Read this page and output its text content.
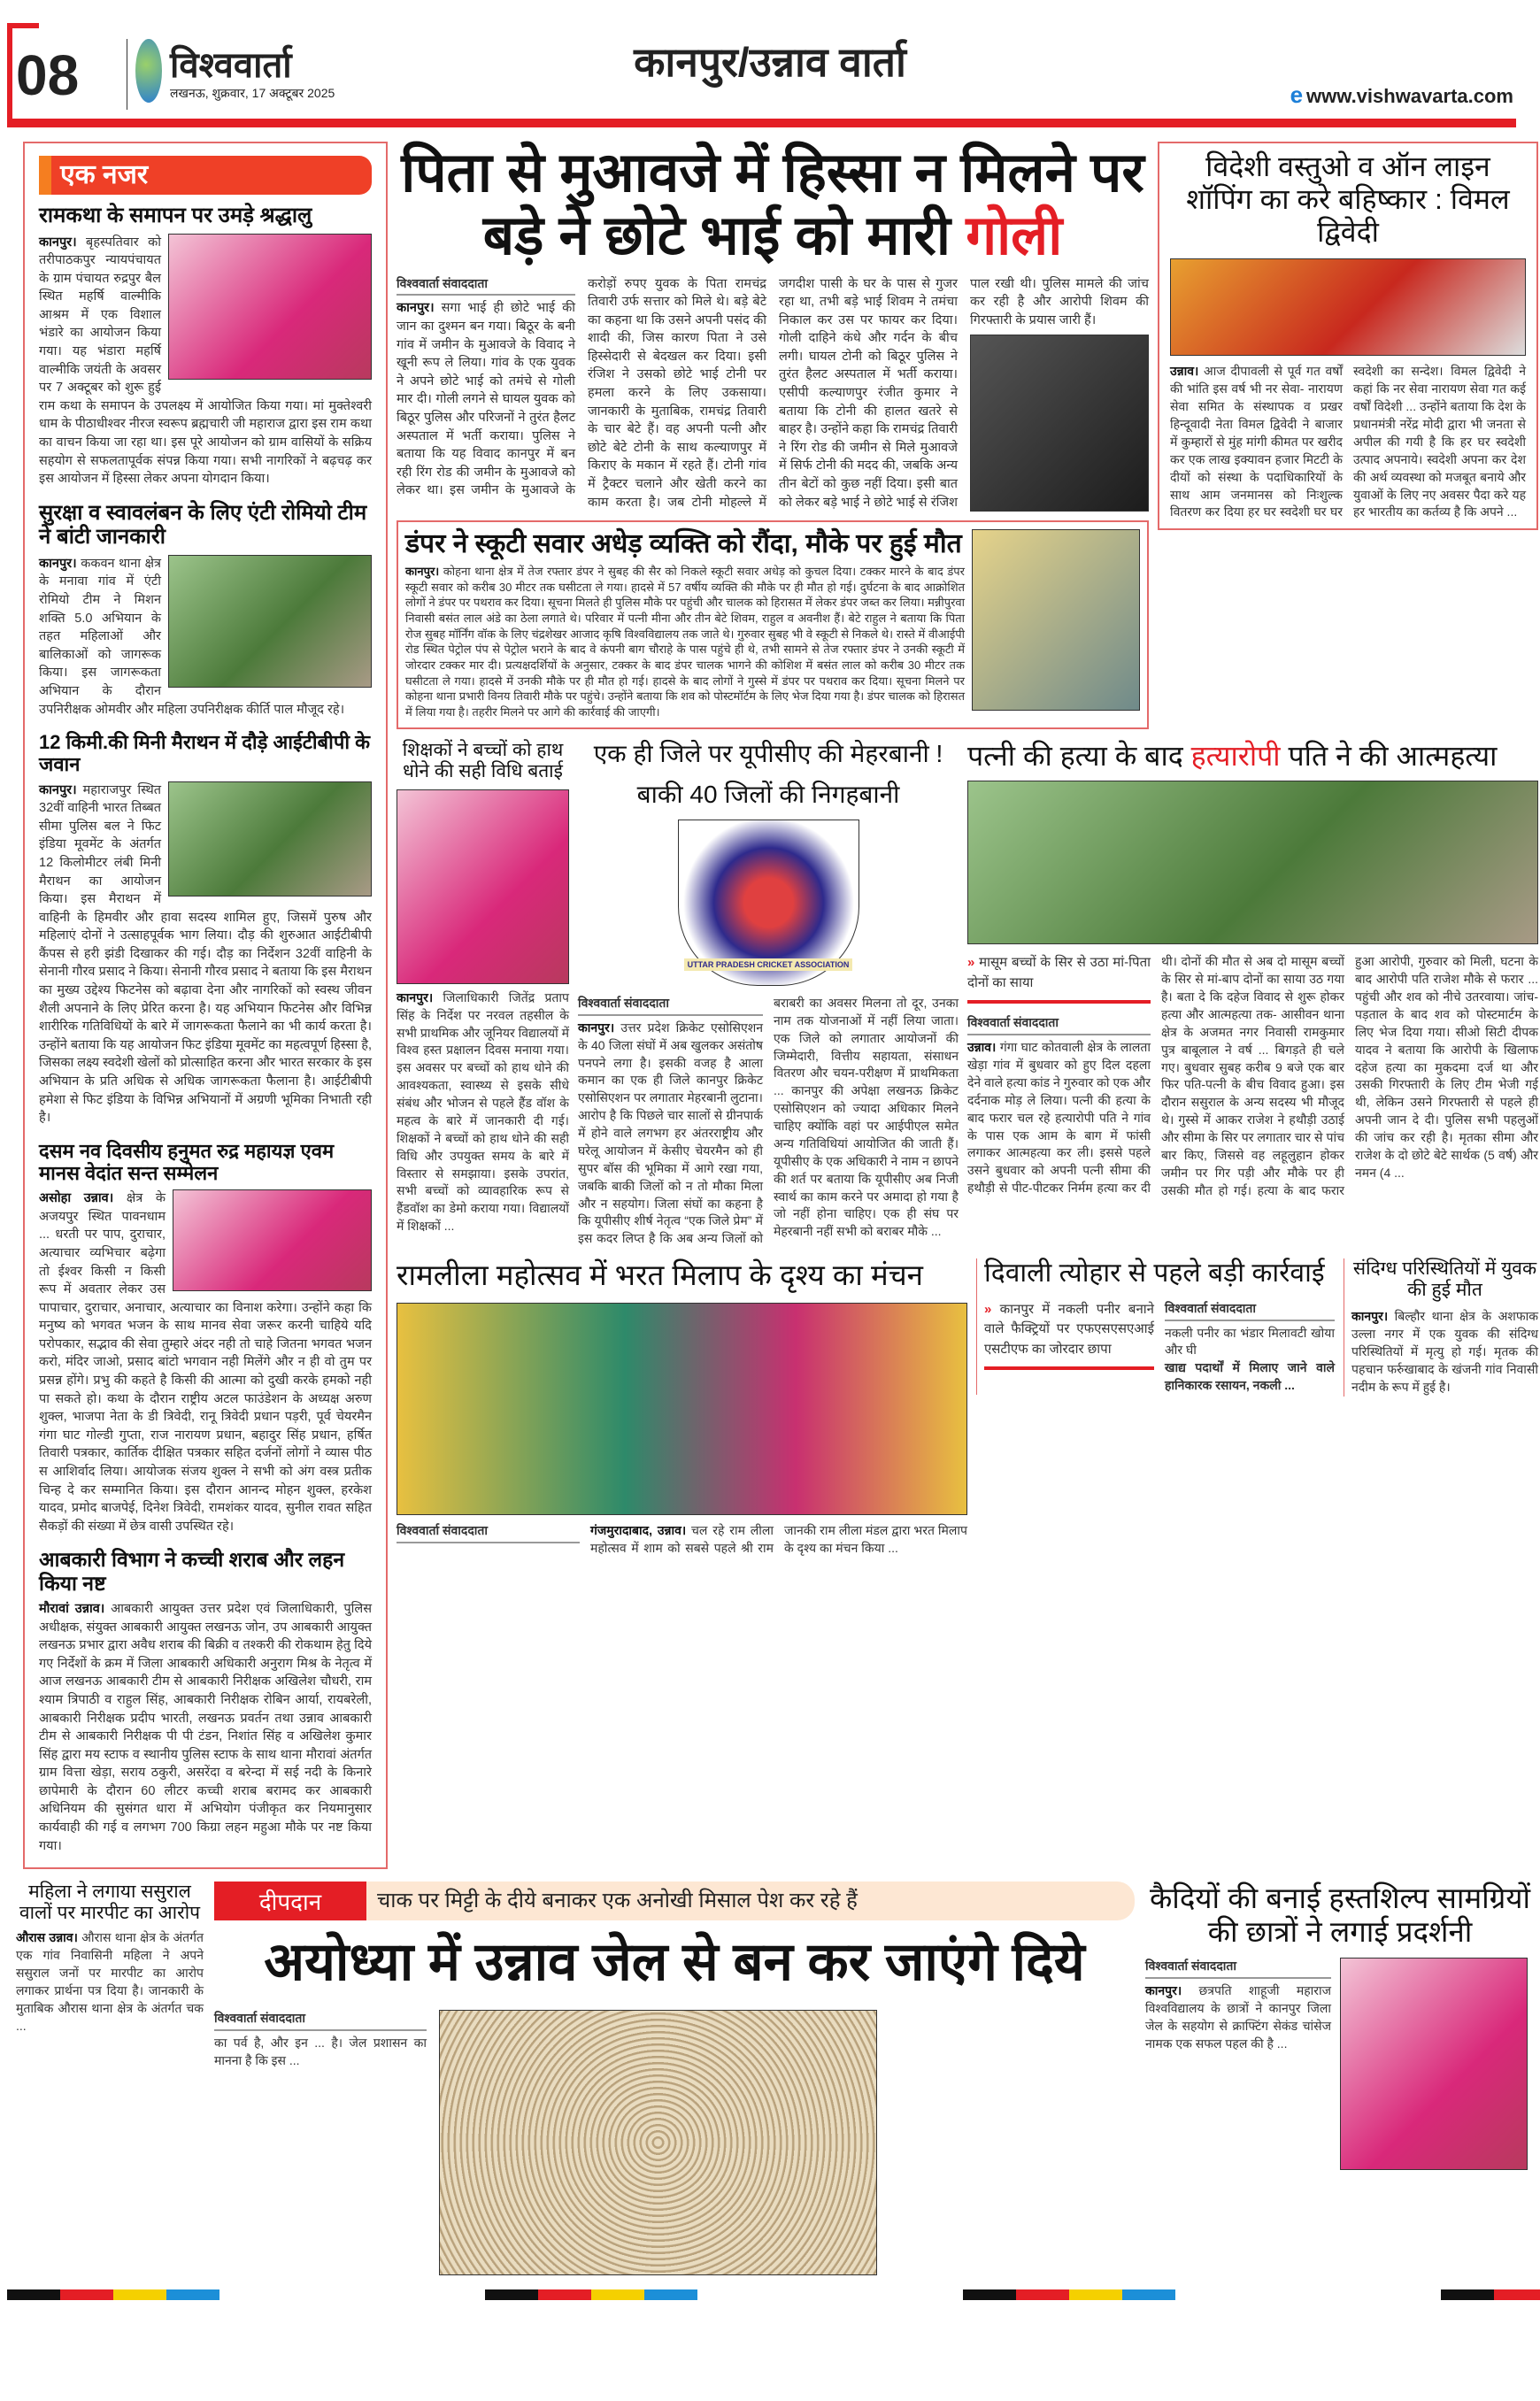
08	विश्ववार्ता
लखनऊ, शुक्रवार, 17 अक्टूबर 2025
कानपुर/उन्नाव वार्ता
e www.vishwavarta.com
एक नजर
रामकथा के समापन पर उमड़े श्रद्धालु
कानपुर। बृहस्पतिवार को तरीपाठकपुर न्यायपंचायत के ग्राम पंचायत रुद्रपुर बैल स्थित महर्षि वाल्मीकि आश्रम में एक विशाल भंडारे का आयोजन किया गया। यह भंडारा महर्षि वाल्मीकि जयंती के अवसर पर 7 अक्टूबर को शुरू हुई राम कथा के समापन के उपलक्ष्य में आयोजित किया गया। मां मुक्तेश्वरी धाम के पीठाधीश्वर नीरज स्वरूप ब्रह्मचारी जी महाराज द्वारा इस राम कथा का वाचन किया जा रहा था। इस पूरे आयोजन को ग्राम वासियों के सक्रिय सहयोग से सफलतापूर्वक संपन्न किया गया। सभी नागरिकों ने बढ़चढ़ कर इस आयोजन में हिस्सा लेकर अपना योगदान किया।
सुरक्षा व स्वावलंबन के लिए एंटी रोमियो टीम ने बांटी जानकारी
कानपुर। ककवन थाना क्षेत्र के मनावा गांव में एंटी रोमियो टीम ने मिशन शक्ति 5.0 अभियान के तहत महिलाओं और बालिकाओं को जागरूक किया। इस जागरूकता अभियान के दौरान उपनिरीक्षक ओमवीर और महिला उपनिरीक्षक कीर्ति पाल मौजूद रहे।
12 किमी.की मिनी मैराथन में दौड़े आईटीबीपी के जवान
कानपुर। महाराजपुर स्थित 32वीं वाहिनी भारत तिब्बत सीमा पुलिस बल ने फिट इंडिया मूवमेंट के अंतर्गत 12 किलोमीटर लंबी मिनी मैराथन का आयोजन किया। इस मैराथन में वाहिनी के हिमवीर और हावा सदस्य शामिल हुए, जिसमें पुरुष और महिलाएं दोनों ने उत्साहपूर्वक भाग लिया। दौड़ की शुरुआत आईटीबीपी कैंपस से हरी झंडी दिखाकर की गई। दौड़ का निर्देशन 32वीं वाहिनी के सेनानी गौरव प्रसाद ने किया। सेनानी गौरव प्रसाद ने बताया कि इस मैराथन का मुख्य उद्देश्य फिटनेस को बढ़ावा देना और नागरिकों को स्वस्थ जीवन शैली अपनाने के लिए प्रेरित करना है। यह अभियान फिटनेस और विभिन्न शारीरिक गतिविधियों के बारे में जागरूकता फैलाने का भी कार्य करता है। उन्होंने बताया कि यह आयोजन फिट इंडिया मूवमेंट का महत्वपूर्ण हिस्सा है, जिसका लक्ष्य स्वदेशी खेलों को प्रोत्साहित करना और भारत सरकार के इस अभियान के प्रति अधिक से अधिक जागरूकता फैलाना है। आईटीबीपी हमेशा से फिट इंडिया के विभिन्न अभियानों में अग्रणी भूमिका निभाती रही है।
दसम नव दिवसीय हनुमत रुद्र महायज्ञ एवम मानस वेदांत सन्त सम्मेलन
असोहा उन्नाव। क्षेत्र के अजयपुर स्थित पावनधाम ... धरती पर पाप, दुराचार, अत्याचार व्यभिचार बढ़ेगा तो ईश्वर किसी न किसी रूप में अवतार लेकर उस पापाचार, दुराचार, अनाचार, अत्याचार का विनाश करेगा। उन्होंने कहा कि मनुष्य को भगवत भजन के साथ मानव सेवा जरूर करनी चाहिये यदि परोपकार, सद्भाव की सेवा तुम्हारे अंदर नही तो चाहे जितना भगवत भजन करो, मंदिर जाओ, प्रसाद बांटो भगवान नही मिलेंगे और न ही वो तुम पर प्रसन्न होंगे। प्रभु की कहते है किसी की आत्मा को दुखी करके हमको नही पा सकते हो। कथा के दौरान राष्ट्रीय अटल फाउंडेशन के अध्यक्ष अरुण शुक्ल, भाजपा नेता के डी त्रिवेदी, रानू त्रिवेदी प्रधान पड़री, पूर्व चेयरमैन गंगा घाट गोल्डी गुप्ता, राज नारायण प्रधान, बहादुर सिंह प्रधान, हर्षित तिवारी पत्रकार, कार्तिक दीक्षित पत्रकार सहित दर्जनों लोगों ने व्यास पीठ स आशिर्वाद लिया। आयोजक संजय शुक्ल ने सभी को अंग वस्त्र प्रतीक चिन्ह दे कर सम्मानित किया। इस दौरान आनन्द मोहन शुक्ल, हरकेश यादव, प्रमोद बाजपेई, दिनेश त्रिवेदी, रामशंकर यादव, सुनील रावत सहित सैकड़ों की संख्या में छेत्र वासी उपस्थित रहे।
आबकारी विभाग ने कच्ची शराब और लहन किया नष्ट
मौरावां उन्नाव। आबकारी आयुक्त उत्तर प्रदेश एवं जिलाधिकारी, पुलिस अधीक्षक, संयुक्त आबकारी आयुक्त लखनऊ जोन, उप आबकारी आयुक्त लखनऊ प्रभार द्वारा अवैध शराब की बिक्री व तश्करी की रोकथाम हेतु दिये गए निर्देशों के क्रम में जिला आबकारी अधिकारी अनुराग मिश्र के नेतृत्व में आज लखनऊ आबकारी टीम से आबकारी निरीक्षक अखिलेश चौधरी, राम श्याम त्रिपाठी व राहुल सिंह, आबकारी निरीक्षक रोबिन आर्या, रायबरेली, आबकारी निरीक्षक प्रदीप भारती, लखनऊ प्रवर्तन तथा उन्नाव आबकारी टीम से आबकारी निरीक्षक पी पी टंडन, निशांत सिंह व अखिलेश कुमार सिंह द्वारा मय स्टाफ व स्थानीय पुलिस स्टाफ के साथ थाना मौरावां अंतर्गत ग्राम वित्ता खेड़ा, सराय ठकुरी, असरेंदा व बरेन्दा में सई नदी के किनारे छापेमारी के दौरान 60 लीटर कच्ची शराब बरामद कर आबकारी अधिनियम की सुसंगत धारा में अभियोग पंजीकृत कर नियमानुसार कार्यवाही की गई व लगभग 700 किग्रा लहन महुआ मौके पर नष्ट किया गया।
पिता से मुआवजे में हिस्सा न मिलने पर बड़े ने छोटे भाई को मारी गोली
विश्ववार्ता संवाददाता
कानपुर। सगा भाई ही छोटे भाई की जान का दुश्मन बन गया। बिठूर के बनी गांव में जमीन के मुआवजे के विवाद ने खूनी रूप ले लिया। गांव के एक युवक ने अपने छोटे भाई को तमंचे से गोली मार दी। गोली लगने से घायल युवक को बिठूर पुलिस और परिजनों ने तुरंत हैलट अस्पताल में भर्ती कराया। पुलिस ने बताया कि यह विवाद कानपुर में बन रही रिंग रोड की जमीन के मुआवजे को लेकर था। इस जमीन के मुआवजे के करोड़ों रुपए युवक के पिता रामचंद्र तिवारी उर्फ सत्तार को मिले थे। बड़े बेटे का कहना था कि उसने अपनी पसंद की शादी की, जिस कारण पिता ने उसे हिस्सेदारी से बेदखल कर दिया। इसी रंजिश ने उसको छोटे भाई टोनी पर हमला करने के लिए उकसाया। जानकारी के मुताबिक, रामचंद्र तिवारी के चार बेटे हैं। वह अपनी पत्नी और छोटे बेटे टोनी के साथ कल्याणपुर में किराए के मकान में रहते हैं। टोनी गांव में ट्रैक्टर चलाने और खेती करने का काम करता है। जब टोनी मोहल्ले में जगदीश पासी के घर के पास से गुजर रहा था, तभी बड़े भाई शिवम ने तमंचा निकाल कर उस पर फायर कर दिया। गोली दाहिने कंधे और गर्दन के बीच लगी। घायल टोनी को बिठूर पुलिस ने तुरंत हैलट अस्पताल में भर्ती कराया। एसीपी कल्याणपुर रंजीत कुमार ने बताया कि टोनी की हालत खतरे से बाहर है। उन्होंने कहा कि रामचंद्र तिवारी ने रिंग रोड की जमीन से मिले मुआवजे में सिर्फ टोनी की मदद की, जबकि अन्य तीन बेटों को कुछ नहीं दिया। इसी बात को लेकर बड़े भाई ने छोटे भाई से रंजिश पाल रखी थी। पुलिस मामले की जांच कर रही है और आरोपी शिवम की गिरफ्तारी के प्रयास जारी हैं।
डंपर ने स्कूटी सवार अधेड़ व्यक्ति को रौंदा, मौके पर हुई मौत
कानपुर। कोहना थाना क्षेत्र में तेज रफ्तार डंपर ने सुबह की सैर को निकले स्कूटी सवार अधेड़ को कुचल दिया। टक्कर मारने के बाद डंपर स्कूटी सवार को करीब 30 मीटर तक घसीटता ले गया। हादसे में 57 वर्षीय व्यक्ति की मौके पर ही मौत हो गई। दुर्घटना के बाद आक्रोशित लोगों ने डंपर पर पथराव कर दिया। सूचना मिलते ही पुलिस मौके पर पहुंची और चालक को हिरासत में लेकर डंपर जब्त कर लिया। मन्नीपुरवा निवासी बसंत लाल अंडे का ठेला लगाते थे। परिवार में पत्नी मीना और तीन बेटे शिवम, राहुल व अवनीश हैं। बेटे राहुल ने बताया कि पिता रोज सुबह मॉर्निंग वॉक के लिए चंद्रशेखर आजाद कृषि विश्वविद्यालय तक जाते थे। गुरुवार सुबह भी वे स्कूटी से निकले थे। रास्ते में वीआईपी रोड स्थित पेट्रोल पंप से पेट्रोल भराने के बाद वे कंपनी बाग चौराहे के पास पहुंचे ही थे, तभी सामने से तेज रफ्तार डंपर ने उनकी स्कूटी में जोरदार टक्कर मार दी। प्रत्यक्षदर्शियों के अनुसार, टक्कर के बाद डंपर चालक भागने की कोशिश में बसंत लाल को करीब 30 मीटर तक घसीटता ले गया। हादसे में उनकी मौके पर ही मौत हो गई। हादसे के बाद लोगों ने गुस्से में डंपर पर पथराव कर दिया। सूचना मिलने पर कोहना थाना प्रभारी विनय तिवारी मौके पर पहुंचे। उन्होंने बताया कि शव को पोस्टमॉर्टम के लिए भेज दिया गया है। डंपर चालक को हिरासत में लिया गया है। तहरीर मिलने पर आगे की कार्रवाई की जाएगी।
विदेशी वस्तुओ व ऑन लाइन शॉपिंग का करे बहिष्कार : विमल द्विवेदी
उन्नाव। आज दीपावली से पूर्व गत वर्षों की भांति इस वर्ष भी नर सेवा- नारायण सेवा समित के संस्थापक व प्रखर हिन्दूवादी नेता विमल द्विवेदी ने बाजार में कुम्हारों से मुंह मांगी कीमत पर खरीद कर एक लाख इक्यावन हजार मिटटी के दीयों को संस्था के पदाधिकारियों के साथ आम जनमानस को निःशुल्क वितरण कर दिया हर घर स्वदेशी घर घर स्वदेशी का सन्देश। विमल द्विवेदी ने कहां कि नर सेवा नारायण सेवा गत कई वर्षों विदेशी ... उन्होंने बताया कि देश के प्रधानमंत्री नरेंद्र मोदी द्वारा भी जनता से अपील की गयी है कि हर घर स्वदेशी उत्पाद अपनाये। स्वदेशी अपना कर देश की अर्थ व्यवस्था को मजबूत बनाये और युवाओं के लिए नए अवसर पैदा करे यह हर भारतीय का कर्तव्य है कि अपने ...
शिक्षकों ने बच्चों को हाथ धोने की सही विधि बताई
कानपुर। जिलाधिकारी जितेंद्र प्रताप सिंह के निर्देश पर नरवल तहसील के सभी प्राथमिक और जूनियर विद्यालयों में विश्व हस्त प्रक्षालन दिवस मनाया गया। इस अवसर पर बच्चों को हाथ धोने की आवश्यकता, स्वास्थ्य से इसके सीधे संबंध और भोजन से पहले हैंड वॉश के महत्व के बारे में जानकारी दी गई। शिक्षकों ने बच्चों को हाथ धोने की सही विधि और उपयुक्त समय के बारे में विस्तार से समझाया। इसके उपरांत, सभी बच्चों को व्यावहारिक रूप से हैंडवॉश का डेमो कराया गया। विद्यालयों में शिक्षकों ...
एक ही जिले पर यूपीसीए की मेहरबानी !
बाकी 40 जिलों की निगहबानी
UTTAR PRADESH CRICKET ASSOCIATION
विश्ववार्ता संवाददाता
कानपुर। उत्तर प्रदेश क्रिकेट एसोसिएशन के 40 जिला संघों में अब खुलकर असंतोष पनपने लगा है। इसकी वजह है आला कमान का एक ही जिले कानपुर क्रिकेट एसोसिएशन पर लगातार मेहरबानी लुटाना। आरोप है कि पिछले चार सालों से ग्रीनपार्क में होने वाले लगभग हर अंतरराष्ट्रीय और घरेलू आयोजन में केसीए चेयरमैन को ही सुपर बॉस की भूमिका में आगे रखा गया, जबकि बाकी जिलों को न तो मौका मिला और न सहयोग। जिला संघों का कहना है कि यूपीसीए शीर्ष नेतृत्व “एक जिले प्रेम” में इस कदर लिप्त है कि अब अन्य जिलों को बराबरी का अवसर मिलना तो दूर, उनका नाम तक योजनाओं में नहीं लिया जाता। एक जिले को लगातार आयोजनों की जिम्मेदारी, वित्तीय सहायता, संसाधन वितरण और चयन-परीक्षण में प्राथमिकता ... कानपुर की अपेक्षा लखनऊ क्रिकेट एसोसिएशन को ज्यादा अधिकार मिलने चाहिए क्योंकि वहां पर आईपीएल समेत अन्य गतिविधियां आयोजित की जाती हैं। यूपीसीए के एक अधिकारी ने नाम न छापने की शर्त पर बताया कि यूपीसीए अब निजी स्वार्थ का काम करने पर अमादा हो गया है जो नहीं होना चाहिए। एक ही संघ पर मेहरबानी नहीं सभी को बराबर मौके ...
पत्नी की हत्या के बाद हत्यारोपी पति ने की आत्महत्या
» मासूम बच्चों के सिर से उठा मां-पिता दोनों का साया
विश्ववार्ता संवाददाता
उन्नाव। गंगा घाट कोतवाली क्षेत्र के लालता खेड़ा गांव में बुधवार को हुए दिल दहला देने वाले हत्या कांड ने गुरुवार को एक और दर्दनाक मोड़ ले लिया। पत्नी की हत्या के बाद फरार चल रहे हत्यारोपी पति ने गांव के पास एक आम के बाग में फांसी लगाकर आत्महत्या कर ली। इससे पहले उसने बुधवार को अपनी पत्नी सीमा की हथौड़ी से पीट-पीटकर निर्मम हत्या कर दी थी। दोनों की मौत से अब दो मासूम बच्चों के सिर से मां-बाप दोनों का साया उठ गया है। बता दे कि दहेज विवाद से शुरू होकर हत्या और आत्महत्या तक- आसीवन थाना क्षेत्र के अजमत नगर निवासी रामकुमार पुत्र बाबूलाल ने वर्ष ... बिगड़ते ही चले गए। बुधवार सुबह करीब 9 बजे एक बार फिर पति-पत्नी के बीच विवाद हुआ। इस दौरान ससुराल के अन्य सदस्य भी मौजूद थे। गुस्से में आकर राजेश ने हथौड़ी उठाई और सीमा के सिर पर लगातार चार से पांच बार किए, जिससे वह लहूलुहान होकर जमीन पर गिर पड़ी और मौके पर ही उसकी मौत हो गई। हत्या के बाद फरार हुआ आरोपी, गुरुवार को मिली, घटना के बाद आरोपी पति राजेश मौके से फरार ... पहुंची और शव को नीचे उतरवाया। जांच-पड़ताल के बाद शव को पोस्टमार्टम के लिए भेज दिया गया। सीओ सिटी दीपक यादव ने बताया कि आरोपी के खिलाफ दहेज हत्या का मुकदमा दर्ज था और उसकी गिरफ्तारी के लिए टीम भेजी गई थी, लेकिन उसने गिरफ्तारी से पहले ही अपनी जान दे दी। पुलिस सभी पहलुओं की जांच कर रही है। मृतका सीमा और राजेश के दो छोटे बेटे सार्थक (5 वर्ष) और नमन (4 ...
रामलीला महोत्सव में भरत मिलाप के दृश्य का मंचन
विश्ववार्ता संवाददाता	गंजमुरादाबाद, उन्नाव। चल रहे राम लीला महोत्सव में शाम को सबसे पहले श्री राम जानकी राम लीला मंडल द्वारा भरत मिलाप के दृश्य का मंचन किया ...
दिवाली त्योहार से पहले बड़ी कार्रवाई
» कानपुर में नकली पनीर बनाने वाले फैक्ट्रियों पर एफएसएसएआई एसटीएफ का जोरदार छापा
विश्ववार्ता संवाददाता
नकली पनीर का भंडार मिलावटी खोया और घी
खाद्य पदार्थों में मिलाए जाने वाले हानिकारक रसायन, नकली ...
संदिग्ध परिस्थितियों में युवक की हुई मौत
कानपुर। बिल्हौर थाना क्षेत्र के अशफाक उल्ला नगर में एक युवक की संदिग्ध परिस्थितियों में मृत्यु हो गई। मृतक की पहचान फर्रुखाबाद के खंजनी गांव निवासी नदीम के रूप में हुई है।
महिला ने लगाया ससुराल वालों पर मारपीट का आरोप
औरास उन्नाव। औरास थाना क्षेत्र के अंतर्गत एक गांव निवासिनी महिला ने अपने ससुराल जनों पर मारपीट का आरोप लगाकर प्रार्थना पत्र दिया है। जानकारी के मुताबिक औरास थाना क्षेत्र के अंतर्गत चक ...
दीपदान	चाक पर मिट्टी के दीये बनाकर एक अनोखी मिसाल पेश कर रहे हैं
अयोध्या में उन्नाव जेल से बन कर जाएंगे दिये
विश्ववार्ता संवाददाता
का पर्व है, और इन ... है। जेल प्रशासन का मानना है कि इस ...
कैदियों की बनाई हस्तशिल्प सामग्रियों की छात्रों ने लगाई प्रदर्शनी
विश्ववार्ता संवाददाता
कानपुर। छत्रपति शाहूजी महाराज विश्वविद्यालय के छात्रों ने कानपुर जिला जेल के सहयोग से क्राफ्टिंग सेकंड चांसेज नामक एक सफल पहल की है ...
